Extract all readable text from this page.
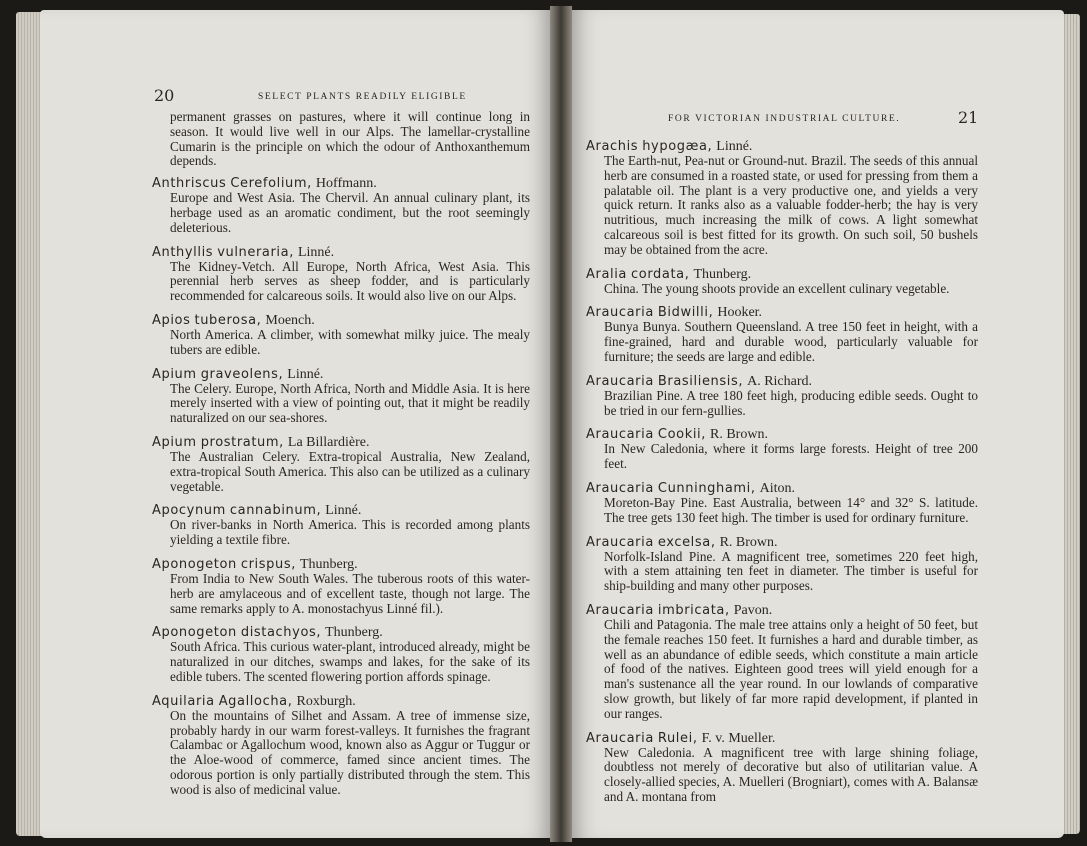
20	SELECT PLANTS READILY ELIGIBLE
permanent grasses on pastures, where it will continue long in season. It would live well in our Alps. The lamellar-crystalline Cumarin is the principle on which the odour of Anthoxanthemum depends.
Anthriscus Cerefolium, Hoffmann.
Europe and West Asia. The Chervil. An annual culinary plant, its herbage used as an aromatic condiment, but the root seemingly deleterious.
Anthyllis vulneraria, Linné.
The Kidney-Vetch. All Europe, North Africa, West Asia. This perennial herb serves as sheep fodder, and is particularly recommended for calcareous soils. It would also live on our Alps.
Apios tuberosa, Moench.
North America. A climber, with somewhat milky juice. The mealy tubers are edible.
Apium graveolens, Linné.
The Celery. Europe, North Africa, North and Middle Asia. It is here merely inserted with a view of pointing out, that it might be readily naturalized on our sea-shores.
Apium prostratum, La Billardière.
The Australian Celery. Extra-tropical Australia, New Zealand, extra-tropical South America. This also can be utilized as a culinary vegetable.
Apocynum cannabinum, Linné.
On river-banks in North America. This is recorded among plants yielding a textile fibre.
Aponogeton crispus, Thunberg.
From India to New South Wales. The tuberous roots of this water-herb are amylaceous and of excellent taste, though not large. The same remarks apply to A. monostachyus Linné fil.).
Aponogeton distachyos, Thunberg.
South Africa. This curious water-plant, introduced already, might be naturalized in our ditches, swamps and lakes, for the sake of its edible tubers. The scented flowering portion affords spinage.
Aquilaria Agallocha, Roxburgh.
On the mountains of Silhet and Assam. A tree of immense size, probably hardy in our warm forest-valleys. It furnishes the fragrant Calambac or Agallochum wood, known also as Aggur or Tuggur or the Aloe-wood of commerce, famed since ancient times. The odorous portion is only partially distributed through the stem. This wood is also of medicinal value.
FOR VICTORIAN INDUSTRIAL CULTURE.	21
Arachis hypogæa, Linné.
The Earth-nut, Pea-nut or Ground-nut. Brazil. The seeds of this annual herb are consumed in a roasted state, or used for pressing from them a palatable oil. The plant is a very productive one, and yields a very quick return. It ranks also as a valuable fodder-herb; the hay is very nutritious, much increasing the milk of cows. A light somewhat calcareous soil is best fitted for its growth. On such soil, 50 bushels may be obtained from the acre.
Aralia cordata, Thunberg.
China. The young shoots provide an excellent culinary vegetable.
Araucaria Bidwilli, Hooker.
Bunya Bunya. Southern Queensland. A tree 150 feet in height, with a fine-grained, hard and durable wood, particularly valuable for furniture; the seeds are large and edible.
Araucaria Brasiliensis, A. Richard.
Brazilian Pine. A tree 180 feet high, producing edible seeds. Ought to be tried in our fern-gullies.
Araucaria Cookii, R. Brown.
In New Caledonia, where it forms large forests. Height of tree 200 feet.
Araucaria Cunninghami, Aiton.
Moreton-Bay Pine. East Australia, between 14° and 32° S. latitude. The tree gets 130 feet high. The timber is used for ordinary furniture.
Araucaria excelsa, R. Brown.
Norfolk-Island Pine. A magnificent tree, sometimes 220 feet high, with a stem attaining ten feet in diameter. The timber is useful for ship-building and many other purposes.
Araucaria imbricata, Pavon.
Chili and Patagonia. The male tree attains only a height of 50 feet, but the female reaches 150 feet. It furnishes a hard and durable timber, as well as an abundance of edible seeds, which constitute a main article of food of the natives. Eighteen good trees will yield enough for a man's sustenance all the year round. In our lowlands of comparative slow growth, but likely of far more rapid development, if planted in our ranges.
Araucaria Rulei, F. v. Mueller.
New Caledonia. A magnificent tree with large shining foliage, doubtless not merely of decorative but also of utilitarian value. A closely-allied species, A. Muelleri (Brogniart), comes with A. Balansæ and A. montana from
